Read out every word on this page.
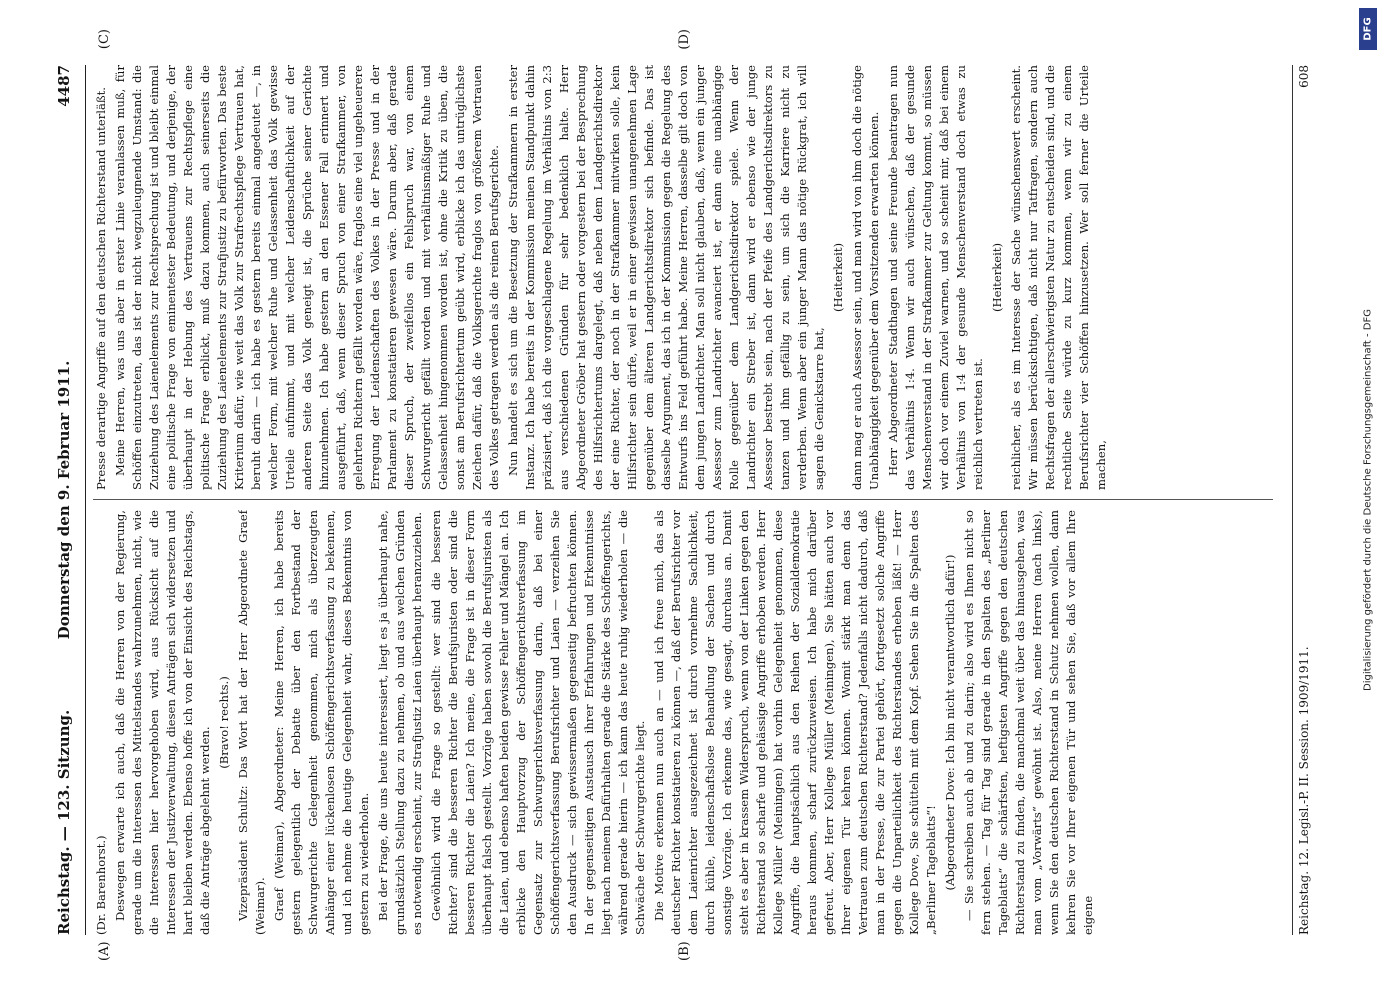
Reichstag. — 123. Sitzung.
Donnerstag den 9. Februar 1911.
4487
(A)	(B)
(C)	(D)

(Dr. Barenhorst.) Deswegen erwarte ich auch, daß die Herren von der Regierung, gerade um die Interessen des Mittelstandes wahrzunehmen, nicht, wie die Interessen hier hervorgehoben wird, aus Rücksicht auf die Interessen der Justizverwaltung, diesen Anträgen sich widersetzen und hart bleiben werden. Ebenso hoffe ich von der Einsicht des Reichstags, daß die Anträge abgelehnt werden.

(Bravo! rechts.) Vizepräsident Schultz: Das Wort hat der Herr Abgeordnete Graef (Weimar). Graef (Weimar), Abgeordneter: Meine Herren, ich habe bereits gestern gelegentlich der Debatte über den Fortbestand der Schwurgerichte Gelegenheit genommen, mich als überzeugten Anhänger einer lückenlosen Schöffengerichtsverfassung zu bekennen, und ich nehme die heutige Gelegenheit wahr, dieses Bekenntnis von gestern zu wiederholen. Bei der Frage, die uns heute interessiert, liegt es ja überhaupt nahe, grundsätzlich Stellung dazu zu nehmen, ob und aus welchen Gründen es notwendig erscheint, zur Strafjustiz Laien überhaupt heranzuziehen. Gewöhnlich wird die Frage so gestellt: wer sind die besseren Richter? sind die besseren Richter die Berufsjuristen oder sind die besseren Richter die Laien? Ich meine, die Frage ist in dieser Form überhaupt falsch gestellt. Vorzüge haben sowohl die Berufsjuristen als die Laien, und ebenso haften beiden gewisse Fehler und Mängel an. Ich erblicke den Hauptvorzug der Schöffengerichtsverfassung im Gegensatz zur Schwurgerichtsverfassung darin, daß bei einer Schöffengerichtsverfassung Berufsrichter und Laien — verzeihen Sie den Ausdruck — sich gewissermaßen gegenseitig befruchten können. In der gegenseitigen Austausch ihrer Erfahrungen und Erkenntnisse liegt nach meinem Dafürhalten gerade die Stärke des Schöffengerichts, während gerade hierin — ich kann das heute ruhig wiederholen — die Schwäche der Schwurgerichte liegt. Die Motive erkennen nun auch an — und ich freue mich, das als deutscher Richter konstatieren zu können —, daß der Berufsrichter vor dem Laienrichter ausgezeichnet ist durch vornehme Sachlichkeit, durch kühle, leidenschaftslose Behandlung der Sachen und durch sonstige Vorzüge. Ich erkenne das, wie gesagt, durchaus an. Damit steht es aber in krassem Widerspruch, wenn von der Linken gegen den Richterstand so scharfe und gehässige Angriffe erhoben werden. Herr Kollege Müller (Meiningen) hat vorhin Gelegenheit genommen, diese Angriffe, die hauptsächlich aus den Reihen der Sozialdemokratie heraus kommen, scharf zurückzuweisen. Ich habe mich darüber gefreut. Aber, Herr Kollege Müller (Meiningen), Sie hätten auch vor Ihrer eigenen Tür kehren können. Womit stärkt man denn das Vertrauen zum deutschen Richterstand? Jedenfalls nicht dadurch, daß man in der Presse, die zur Partei gehört, fortgesetzt solche Angriffe gegen die Unparteilichkeit des Richterstandes erheben läßt! — Herr Kollege Dove, Sie schütteln mit dem Kopf. Sehen Sie in die Spalten des „Berliner Tageblatts“! (Abgeordneter Dove: Ich bin nicht verantwortlich dafür!) — Sie schreiben auch ab und zu darin; also wird es Ihnen nicht so fern stehen. — Tag für Tag sind gerade in den Spalten des „Berliner Tageblatts“ die schärfsten, heftigsten Angriffe gegen den deutschen Richterstand zu finden, die manchmal weit über das hinausgehen, was man vom „Vorwärts“ gewöhnt ist. Also, meine Herren (nach links), wenn Sie den deutschen Richterstand in Schutz nehmen wollen, dann kehren Sie vor Ihrer eigenen Tür und sehen Sie, daß vor allem Ihre eigene

Presse derartige Angriffe auf den deutschen Richterstand unterläßt. Meine Herren, was uns aber in erster Linie veranlassen muß, für Schöffen einzutreten, das ist der nicht wegzuleugnende Umstand: die Zuziehung des Laienelements zur Rechtsprechung ist und bleibt einmal eine politische Frage von eminentester Bedeutung, und derjenige, der überhaupt in der Hebung des Vertrauens zur Rechtspflege eine politische Frage erblickt, muß dazu kommen, auch seinerseits die Zuziehung des Laienelements zur Strafjustiz zu befürworten. Das beste Kriterium dafür, wie weit das Volk zur Strafrechtspflege Vertrauen hat, beruht darin — ich habe es gestern bereits einmal angedeutet —, in welcher Form, mit welcher Ruhe und Gelassenheit das Volk gewisse Urteile aufnimmt, und mit welcher Leidenschaftlichkeit auf der anderen Seite das Volk geneigt ist, die Sprüche seiner Gerichte hinzunehmen. Ich habe gestern an den Essener Fall erinnert und ausgeführt, daß, wenn dieser Spruch von einer Strafkammer, von gelehrten Richtern gefällt worden wäre, fraglos eine viel ungeheuerere Erregung der Leidenschaften des Volkes in der Presse und in der Parlament zu konstatieren gewesen wäre. Darum aber, daß gerade dieser Spruch, der zweifellos ein Fehlspruch war, von einem Schwurgericht gefällt worden und mit verhältnismäßiger Ruhe und Gelassenheit hingenommen worden ist, ohne die Kritik zu üben, die sonst am Berufsrichtertum geübt wird, erblicke ich das untrüglichste Zeichen dafür, daß die Volksgerichte fraglos von größerem Vertrauen des Volkes getragen werden als die reinen Berufsgerichte. Nun handelt es sich um die Besetzung der Strafkammern in erster Instanz. Ich habe bereits in der Kommission meinen Standpunkt dahin präzisiert, daß ich die vorgeschlagene Regelung im Verhältnis von 2:3 aus verschiedenen Gründen für sehr bedenklich halte. Herr Abgeordneter Gröber hat gestern oder vorgestern bei der Besprechung des Hilfsrichtertums dargelegt, daß neben dem Landgerichtsdirektor der eine Richter, der noch in der Strafkammer mitwirken solle, kein Hilfsrichter sein dürfe, weil er in einer gewissen unangenehmen Lage gegenüber dem älteren Landgerichtsdirektor sich befinde. Das ist dasselbe Argument, das ich in der Kommission gegen die Regelung des Entwurfs ins Feld geführt habe. Meine Herren, dasselbe gilt doch von dem jungen Landrichter. Man soll nicht glauben, daß, wenn ein junger Assessor zum Landrichter avanciert ist, er dann eine unabhängige Rolle gegenüber dem Landgerichtsdirektor spiele. Wenn der Landrichter ein Streber ist, dann wird er ebenso wie der junge Assessor bestrebt sein, nach der Pfeife des Landgerichtsdirektors zu tanzen und ihm gefällig zu sein, um sich die Karriere nicht zu verderben. Wenn aber ein junger Mann das nötige Rückgrat, ich will sagen die Genickstarre hat,

(Heiterkeit) dann mag er auch Assessor sein, und man wird von ihm doch die nötige Unabhängigkeit gegenüber dem Vorsitzenden erwarten können. Herr Abgeordneter Stadthagen und seine Freunde beantragen nun das Verhältnis 1:4. Wenn wir auch wünschen, daß der gesunde Menschenverstand in der Strafkammer zur Geltung kommt, so müssen wir doch vor einem Zuviel warnen, und so scheint mir, daß bei einem Verhältnis von 1:4 der gesunde Menschenverstand doch etwas zu reichlich vertreten ist.

(Heiterkeit) reichlicher, als es im Interesse der Sache wünschenswert erscheint. Wir müssen berücksichtigen, daß nicht nur Tatfragen, sondern auch Rechtsfragen der allerschwierigsten Natur zu entscheiden sind, und die rechtliche Seite würde zu kurz kommen, wenn wir zu einem Berufsrichter vier Schöffen hinzusetzen. Wer soll ferner die Urteile machen,

Reichstag. 12. Legisl.-P. II. Session. 1909/1911.
608
Digitalisierung gefördert durch die Deutsche Forschungsgemeinschaft - DFG
DFG
